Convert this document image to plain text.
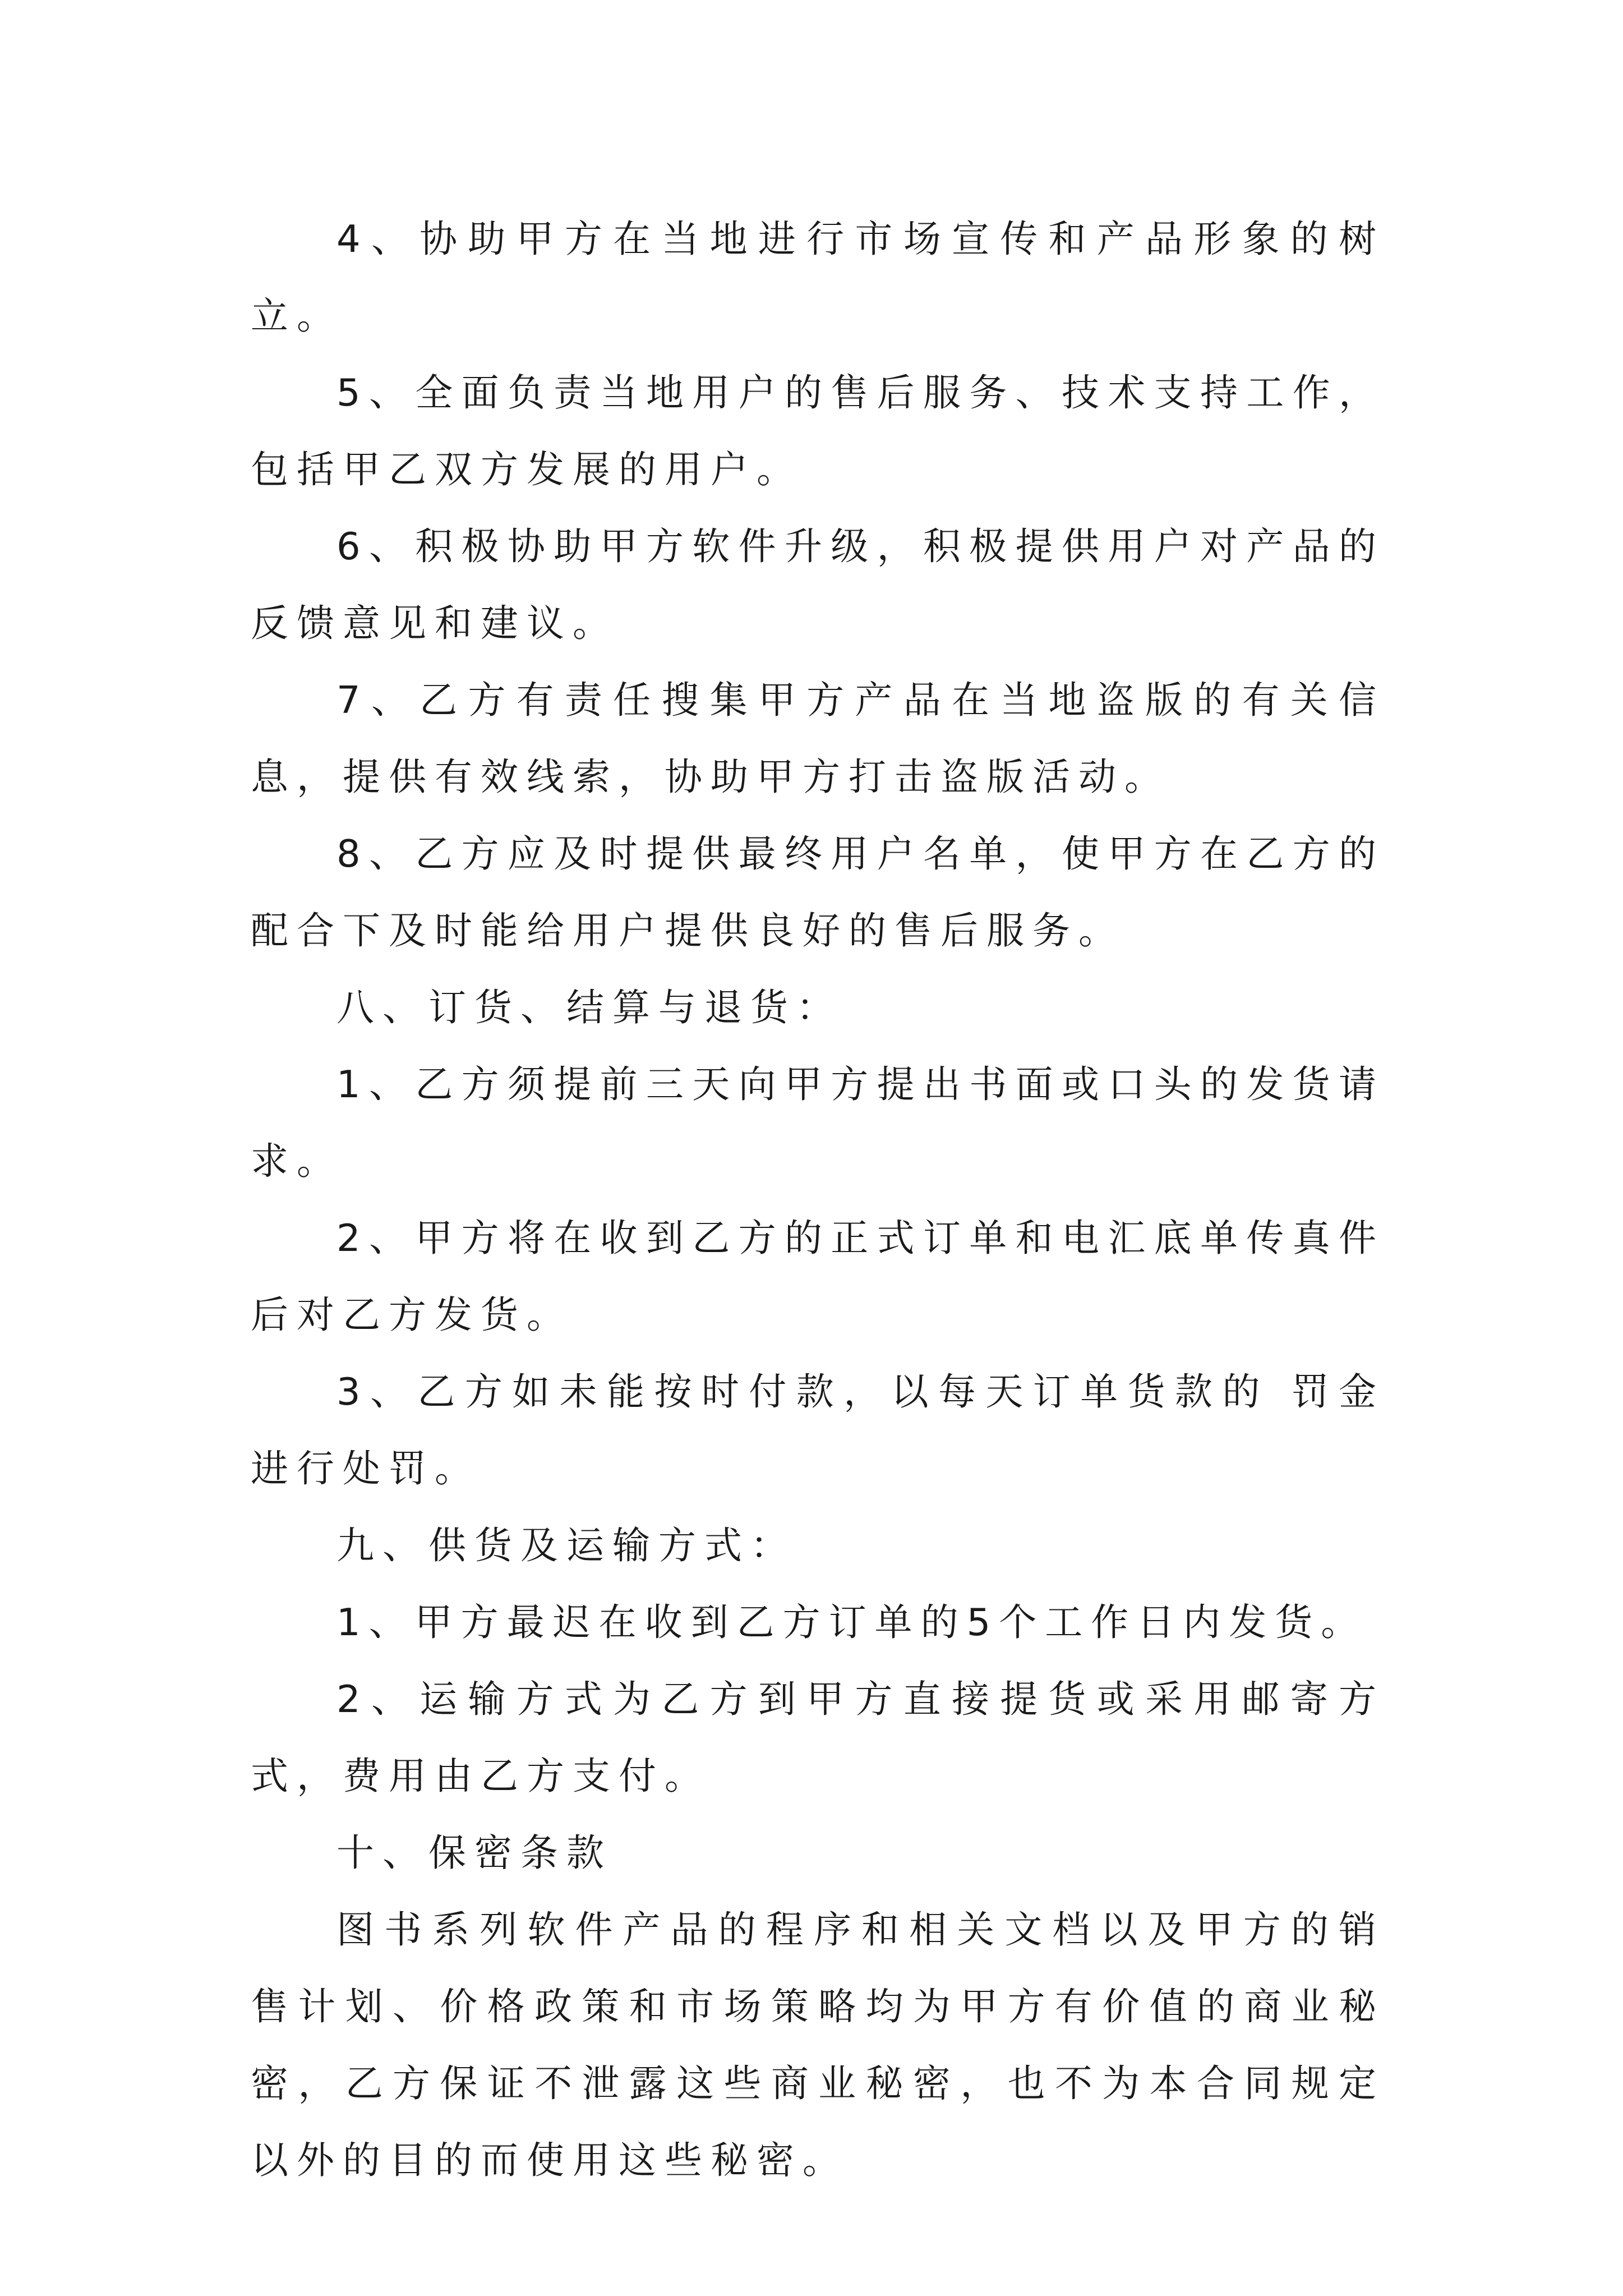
4、协助甲方在当地进行市场宣传和产品形象的树立。

5、全面负责当地用户的售后服务、技术支持工作，包括甲乙双方发展的用户。

6、积极协助甲方软件升级，积极提供用户对产品的反馈意见和建议。

7、乙方有责任搜集甲方产品在当地盗版的有关信息，提供有效线索，协助甲方打击盗版活动。

8、乙方应及时提供最终用户名单，使甲方在乙方的配合下及时能给用户提供良好的售后服务。

八、订货、结算与退货：

1、乙方须提前三天向甲方提出书面或口头的发货请求。

2、甲方将在收到乙方的正式订单和电汇底单传真件后对乙方发货。

3、乙方如未能按时付款，以每天订单货款的 罚金进行处罚。

九、供货及运输方式：

1、甲方最迟在收到乙方订单的5个工作日内发货。

2、运输方式为乙方到甲方直接提货或采用邮寄方式，费用由乙方支付。

十、保密条款

图书系列软件产品的程序和相关文档以及甲方的销售计划、价格政策和市场策略均为甲方有价值的商业秘密，乙方保证不泄露这些商业秘密，也不为本合同规定以外的目的而使用这些秘密。
